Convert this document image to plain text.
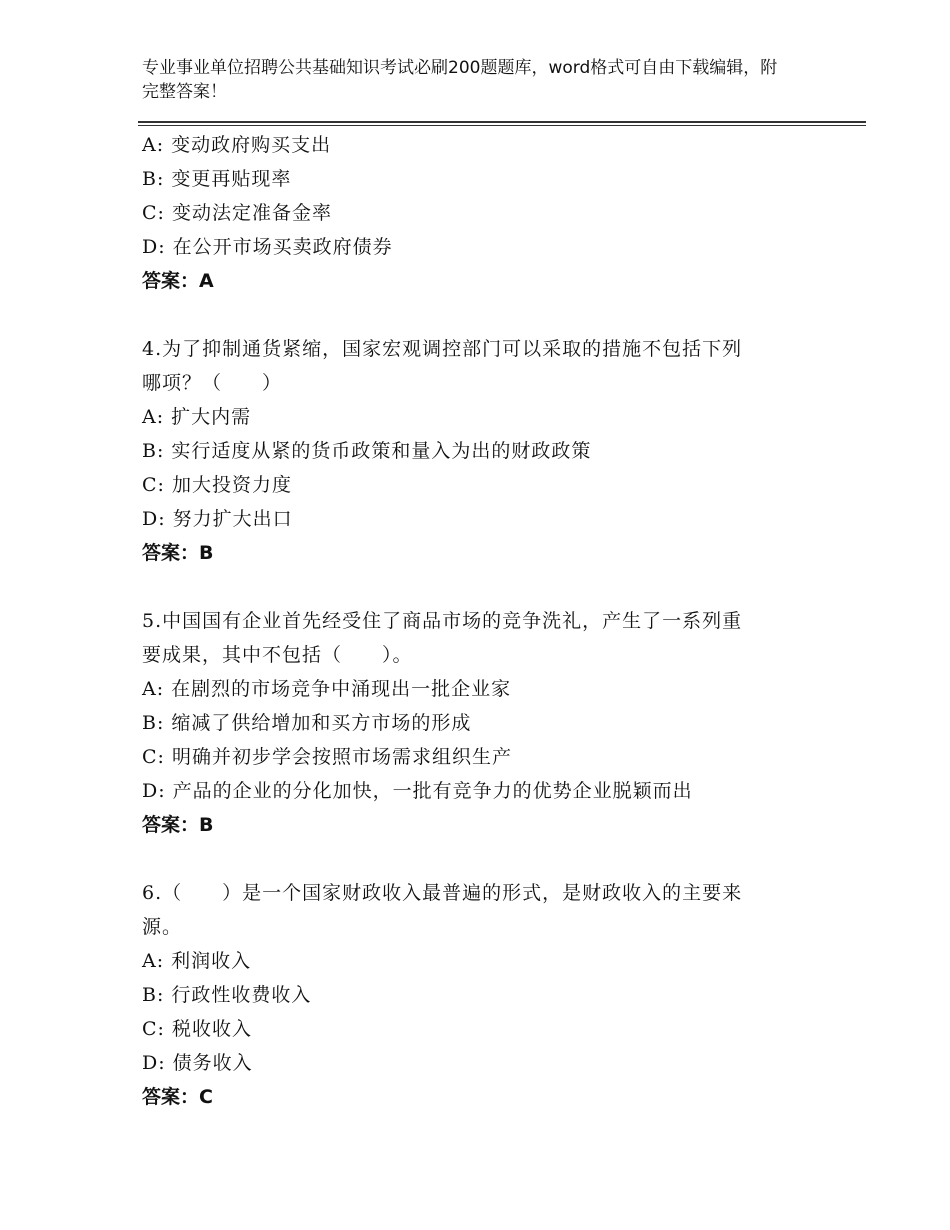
专业事业单位招聘公共基础知识考试必刷200题题库，word格式可自由下载编辑，附完整答案！
A: 变动政府购买支出
B: 变更再贴现率
C: 变动法定准备金率
D: 在公开市场买卖政府债券
答案：A
4.为了抑制通货紧缩，国家宏观调控部门可以采取的措施不包括下列
哪项？（　　）
A: 扩大内需
B: 实行适度从紧的货币政策和量入为出的财政政策
C: 加大投资力度
D: 努力扩大出口
答案：B
5.中国国有企业首先经受住了商品市场的竞争洗礼，产生了一系列重
要成果，其中不包括（　　）。
A: 在剧烈的市场竞争中涌现出一批企业家
B: 缩减了供给增加和买方市场的形成
C: 明确并初步学会按照市场需求组织生产
D: 产品的企业的分化加快，一批有竞争力的优势企业脱颖而出
答案：B
6.（　　）是一个国家财政收入最普遍的形式，是财政收入的主要来
源。
A: 利润收入
B: 行政性收费收入
C: 税收收入
D: 债务收入
答案：C
